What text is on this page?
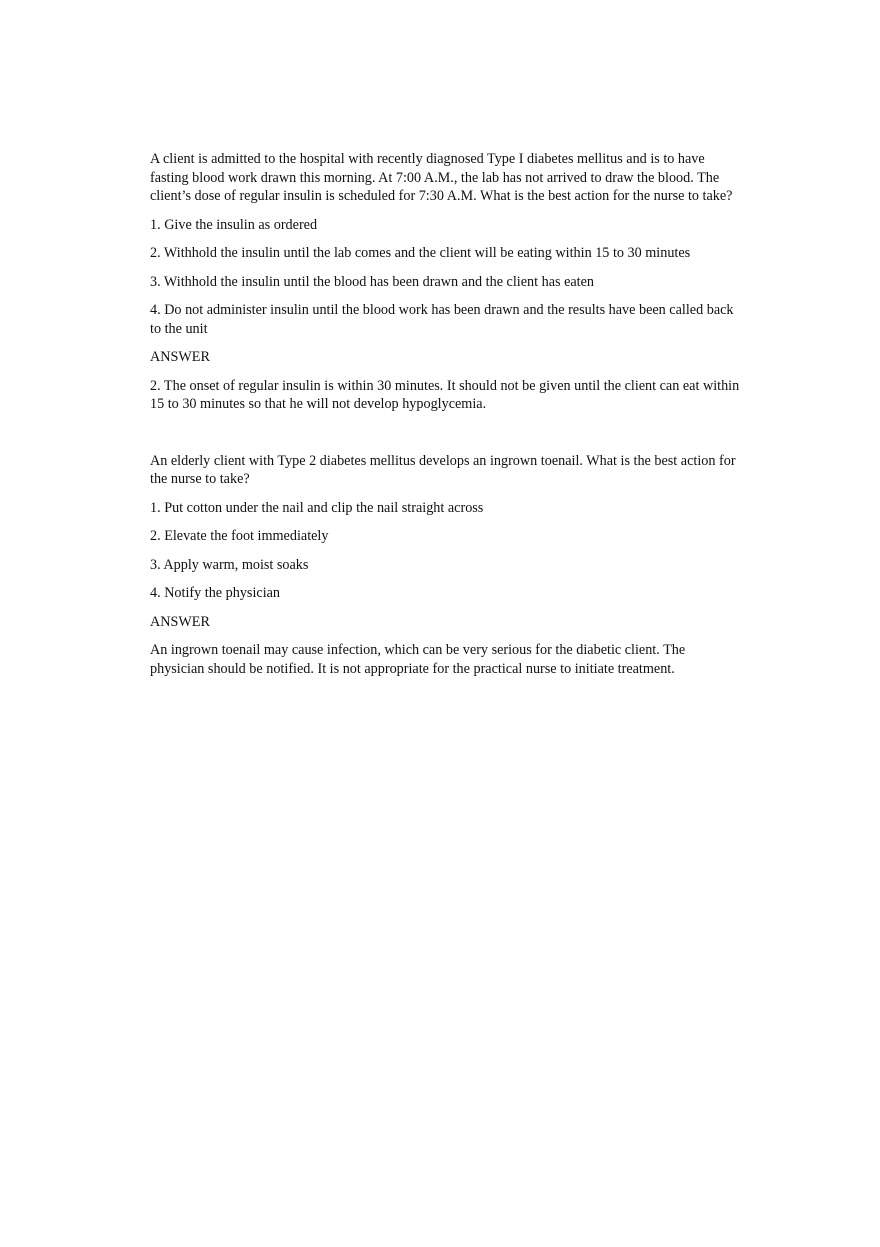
A client is admitted to the hospital with recently diagnosed Type I diabetes mellitus and is to have fasting blood work drawn this morning. At 7:00 A.M., the lab has not arrived to draw the blood. The client’s dose of regular insulin is scheduled for 7:30 A.M. What is the best action for the nurse to take?

1. Give the insulin as ordered

2. Withhold the insulin until the lab comes and the client will be eating within 15 to 30 minutes

3. Withhold the insulin until the blood has been drawn and the client has eaten

4. Do not administer insulin until the blood work has been drawn and the results have been called back to the unit

ANSWER

2. The onset of regular insulin is within 30 minutes. It should not be given until the client can eat within 15 to 30 minutes so that he will not develop hypoglycemia.

An elderly client with Type 2 diabetes mellitus develops an ingrown toenail. What is the best action for the nurse to take?

1. Put cotton under the nail and clip the nail straight across

2. Elevate the foot immediately

3. Apply warm, moist soaks

4. Notify the physician

ANSWER

An ingrown toenail may cause infection, which can be very serious for the diabetic client. The physician should be notified. It is not appropriate for the practical nurse to initiate treatment.
